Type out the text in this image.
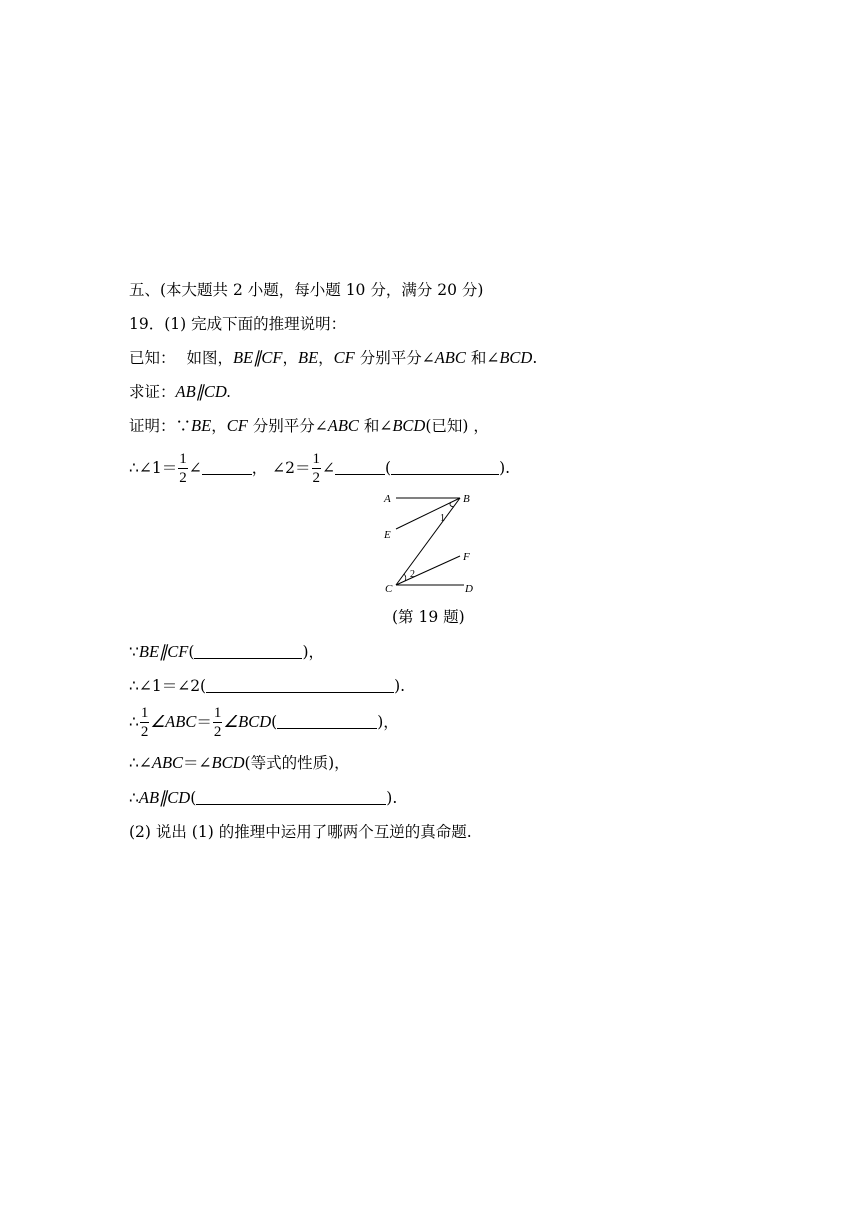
五、(本大题共 2 小题，每小题 10 分，满分 20 分)
19．(1) 完成下面的推理说明：
已知： 如图，BE∥CF，BE，CF 分别平分∠ABC 和∠BCD.
求证：AB∥CD.
证明：∵BE，CF 分别平分∠ABC 和∠BCD(已知) ，
∴∠1＝ $\frac{1}{2}$ ∠	， ∠2＝ $\frac{1}{2}$ ∠	(	).
A	B
E
F
C	D
1
2
(第 19 题)
∵BE∥CF(	)，
∴∠1＝∠2(	).
∴ $\frac{1}{2}$ ∠ABC＝ $\frac{1}{2}$ ∠BCD(	)，
∴∠ABC＝∠BCD(等式的性质)，
∴AB∥CD(	).
(2) 说出 (1) 的推理中运用了哪两个互逆的真命题.
